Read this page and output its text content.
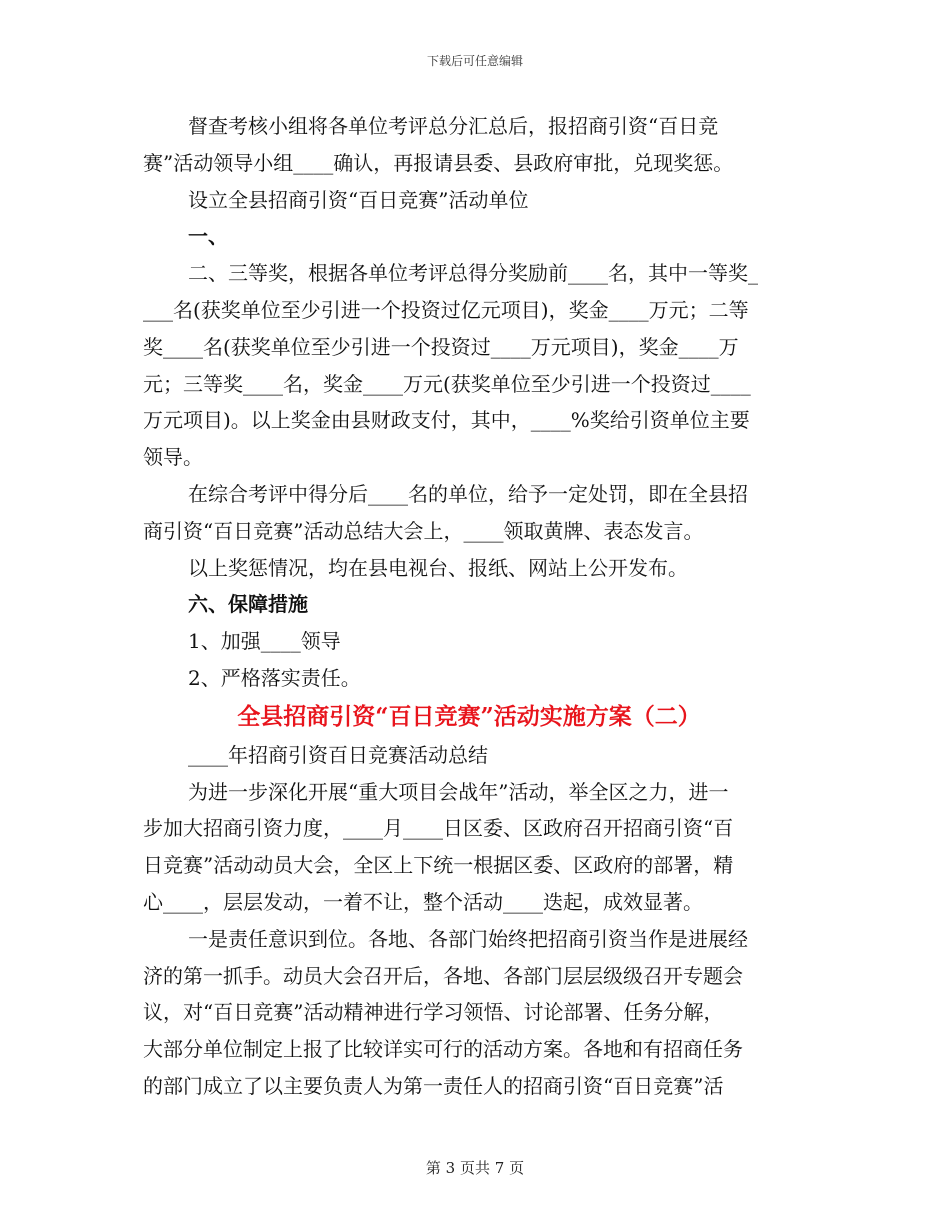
下载后可任意编辑
督查考核小组将各单位考评总分汇总后，报招商引资“百日竞
赛”活动领导小组____确认，再报请县委、县政府审批，兑现奖惩。
设立全县招商引资“百日竞赛”活动单位
一、
二、三等奖，根据各单位考评总得分奖励前____名，其中一等奖_
___名(获奖单位至少引进一个投资过亿元项目)，奖金____万元；二等
奖____名(获奖单位至少引进一个投资过____万元项目)，奖金____万
元；三等奖____名，奖金____万元(获奖单位至少引进一个投资过____
万元项目)。以上奖金由县财政支付，其中，____%奖给引资单位主要
领导。
在综合考评中得分后____名的单位，给予一定处罚，即在全县招
商引资“百日竞赛”活动总结大会上，____领取黄牌、表态发言。
以上奖惩情况，均在县电视台、报纸、网站上公开发布。
六、保障措施
1、加强____领导
2、严格落实责任。
全县招商引资“百日竞赛”活动实施方案（二）
____年招商引资百日竞赛活动总结
为进一步深化开展“重大项目会战年”活动，举全区之力，进一
步加大招商引资力度，____月____日区委、区政府召开招商引资“百
日竞赛”活动动员大会，全区上下统一根据区委、区政府的部署，精
心____，层层发动，一着不让，整个活动____迭起，成效显著。
一是责任意识到位。各地、各部门始终把招商引资当作是进展经
济的第一抓手。动员大会召开后，各地、各部门层层级级召开专题会
议，对“百日竞赛”活动精神进行学习领悟、讨论部署、任务分解，
大部分单位制定上报了比较详实可行的活动方案。各地和有招商任务
的部门成立了以主要负责人为第一责任人的招商引资“百日竞赛”活
第 3 页共 7 页
